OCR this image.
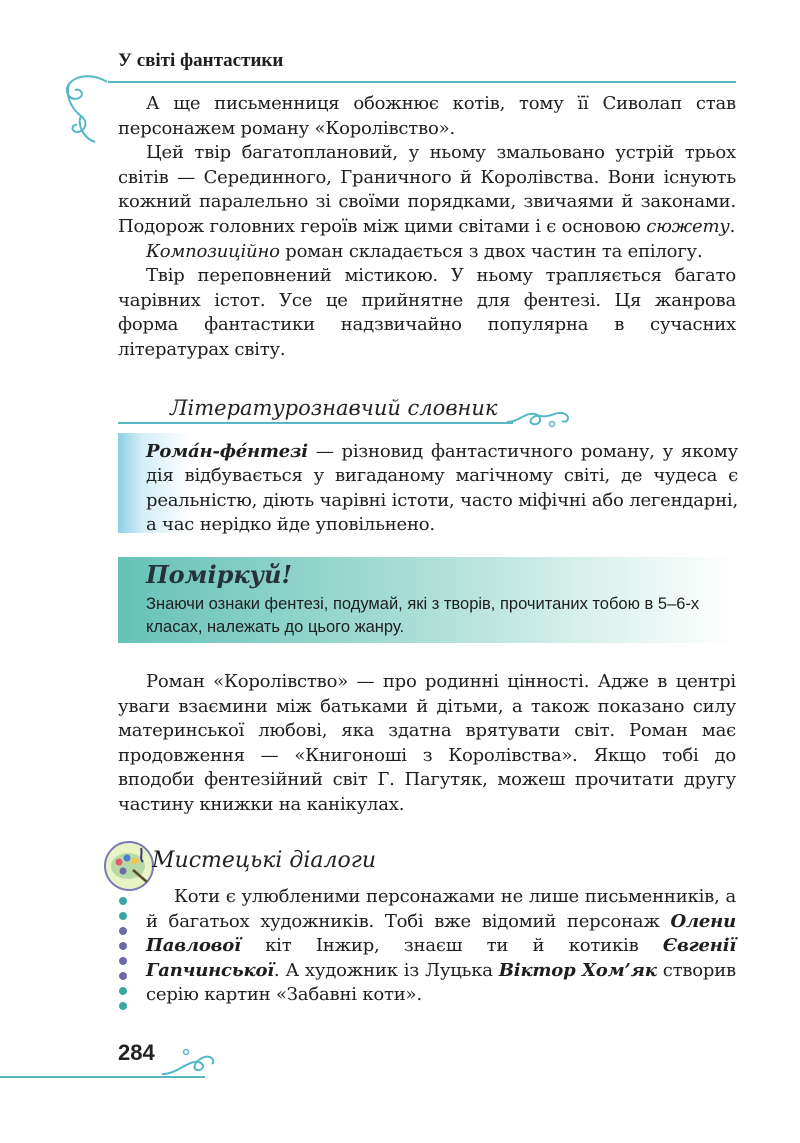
У світі фантастики

А ще письменниця обожнює котів, тому її Сиволап став персонажем роману «Королівство».

Цей твір багатоплановий, у ньому змальовано устрій трьох світів — Серединного, Граничного й Королівства. Вони існують кожний паралельно зі своїми порядками, звичаями й законами. Подорож головних героїв між цими світами і є основою сюжету.

Композиційно роман складається з двох частин та епілогу.

Твір переповнений містикою. У ньому трапляється багато чарівних істот. Усе це прийнятне для фентезі. Ця жанрова форма фантастики надзвичайно популярна в сучасних літературах світу.

Літературознавчий словник
Рома́н-фе́нтезі — різновид фантастичного роману, у якому дія відбувається у вигаданому магічному світі, де чудеса є реальністю, діють чарівні істоти, часто міфічні або легендарні, а час нерідко йде уповільнено.
Поміркуй!
Знаючи ознаки фентезі, подумай, які з творів, прочитаних тобою в 5–6-х класах, належать до цього жанру.

Роман «Королівство» — про родинні цінності. Адже в центрі уваги взаємини між батьками й дітьми, а також показано силу материнської любові, яка здатна врятувати світ. Роман має продовження — «Книгоноші з Королівства». Якщо тобі до вподоби фентезійний світ Г. Пагутяк, можеш прочитати другу частину книжки на канікулах.

Мистецькі діалоги

Коти є улюбленими персонажами не лише письменників, а й багатьох художників. Тобі вже відомий персонаж Олени Павлової кіт Інжир, знаєш ти й котиків Євгенії Гапчинської. А художник із Луцька Віктор Хом’як створив серію картин «Забавні коти».

284
